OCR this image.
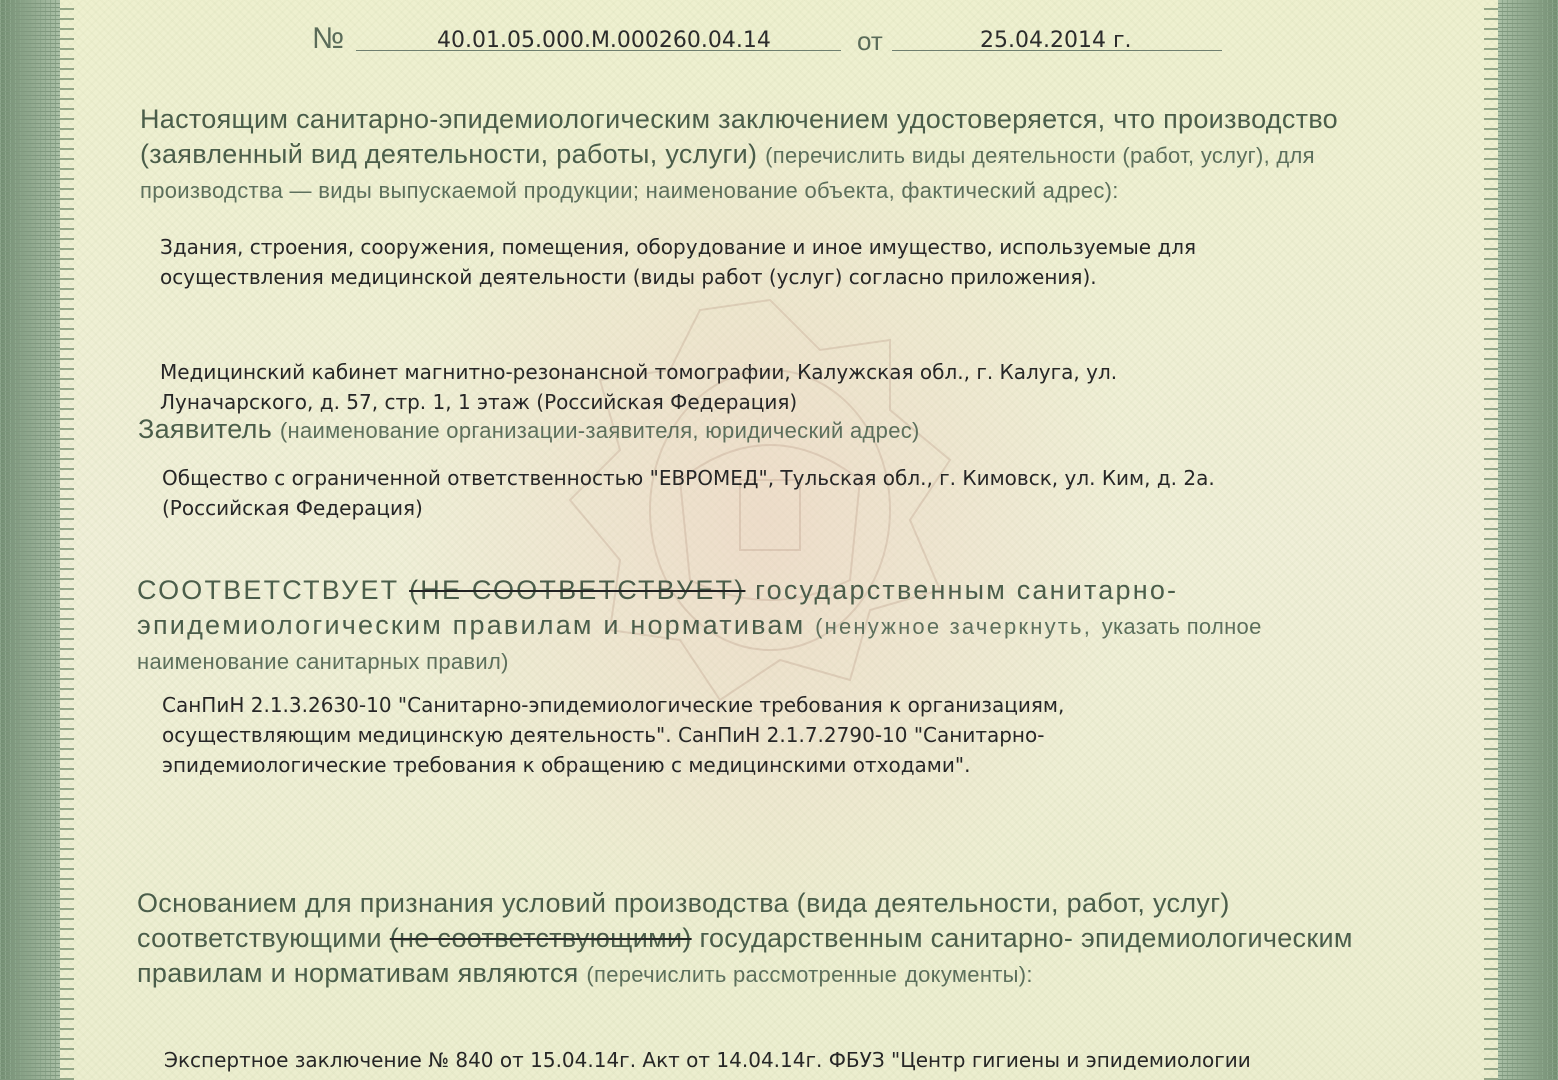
№	40.01.05.000.М.000260.04.14	от	25.04.2014 г.
Настоящим санитарно-эпидемиологическим заключением удостоверяется, что производство (заявленный вид деятельности, работы, услуги) (перечислить виды деятельности (работ, услуг), для производства — виды выпускаемой продукции; наименование объекта, фактический адрес):
Здания, строения, сооружения, помещения, оборудование и иное имущество, используемые для
осуществления медицинской деятельности (виды работ (услуг) согласно приложения).
Медицинский кабинет магнитно-резонансной томографии, Калужская обл., г. Калуга, ул.
Луначарского, д. 57, стр. 1, 1 этаж (Российская Федерация)
Заявитель (наименование организации-заявителя, юридический адрес)
Общество с ограниченной ответственностью "ЕВРОМЕД", Тульская обл., г. Кимовск, ул. Ким, д. 2а.
(Российская Федерация)
СООТВЕТСТВУЕТ (НЕ СООТВЕТСТВУЕТ) государственным санитарно- эпидемиологическим правилам и нормативам (ненужное зачеркнуть, указать полное наименование санитарных правил)
СанПиН 2.1.3.2630-10 "Санитарно-эпидемиологические требования к организациям,
осуществляющим медицинскую деятельность". СанПиН 2.1.7.2790-10 "Санитарно-
эпидемиологические требования к обращению с медицинскими отходами".
Основанием для признания условий производства (вида деятельности, работ, услуг) соответствующими (не соответствующими) государственным санитарно- эпидемиологическим правилам и нормативам являются (перечислить рассмотренные документы):
Экспертное заключение № 840 от 15.04.14г. Акт от 14.04.14г. ФБУЗ "Центр гигиены и эпидемиологии
